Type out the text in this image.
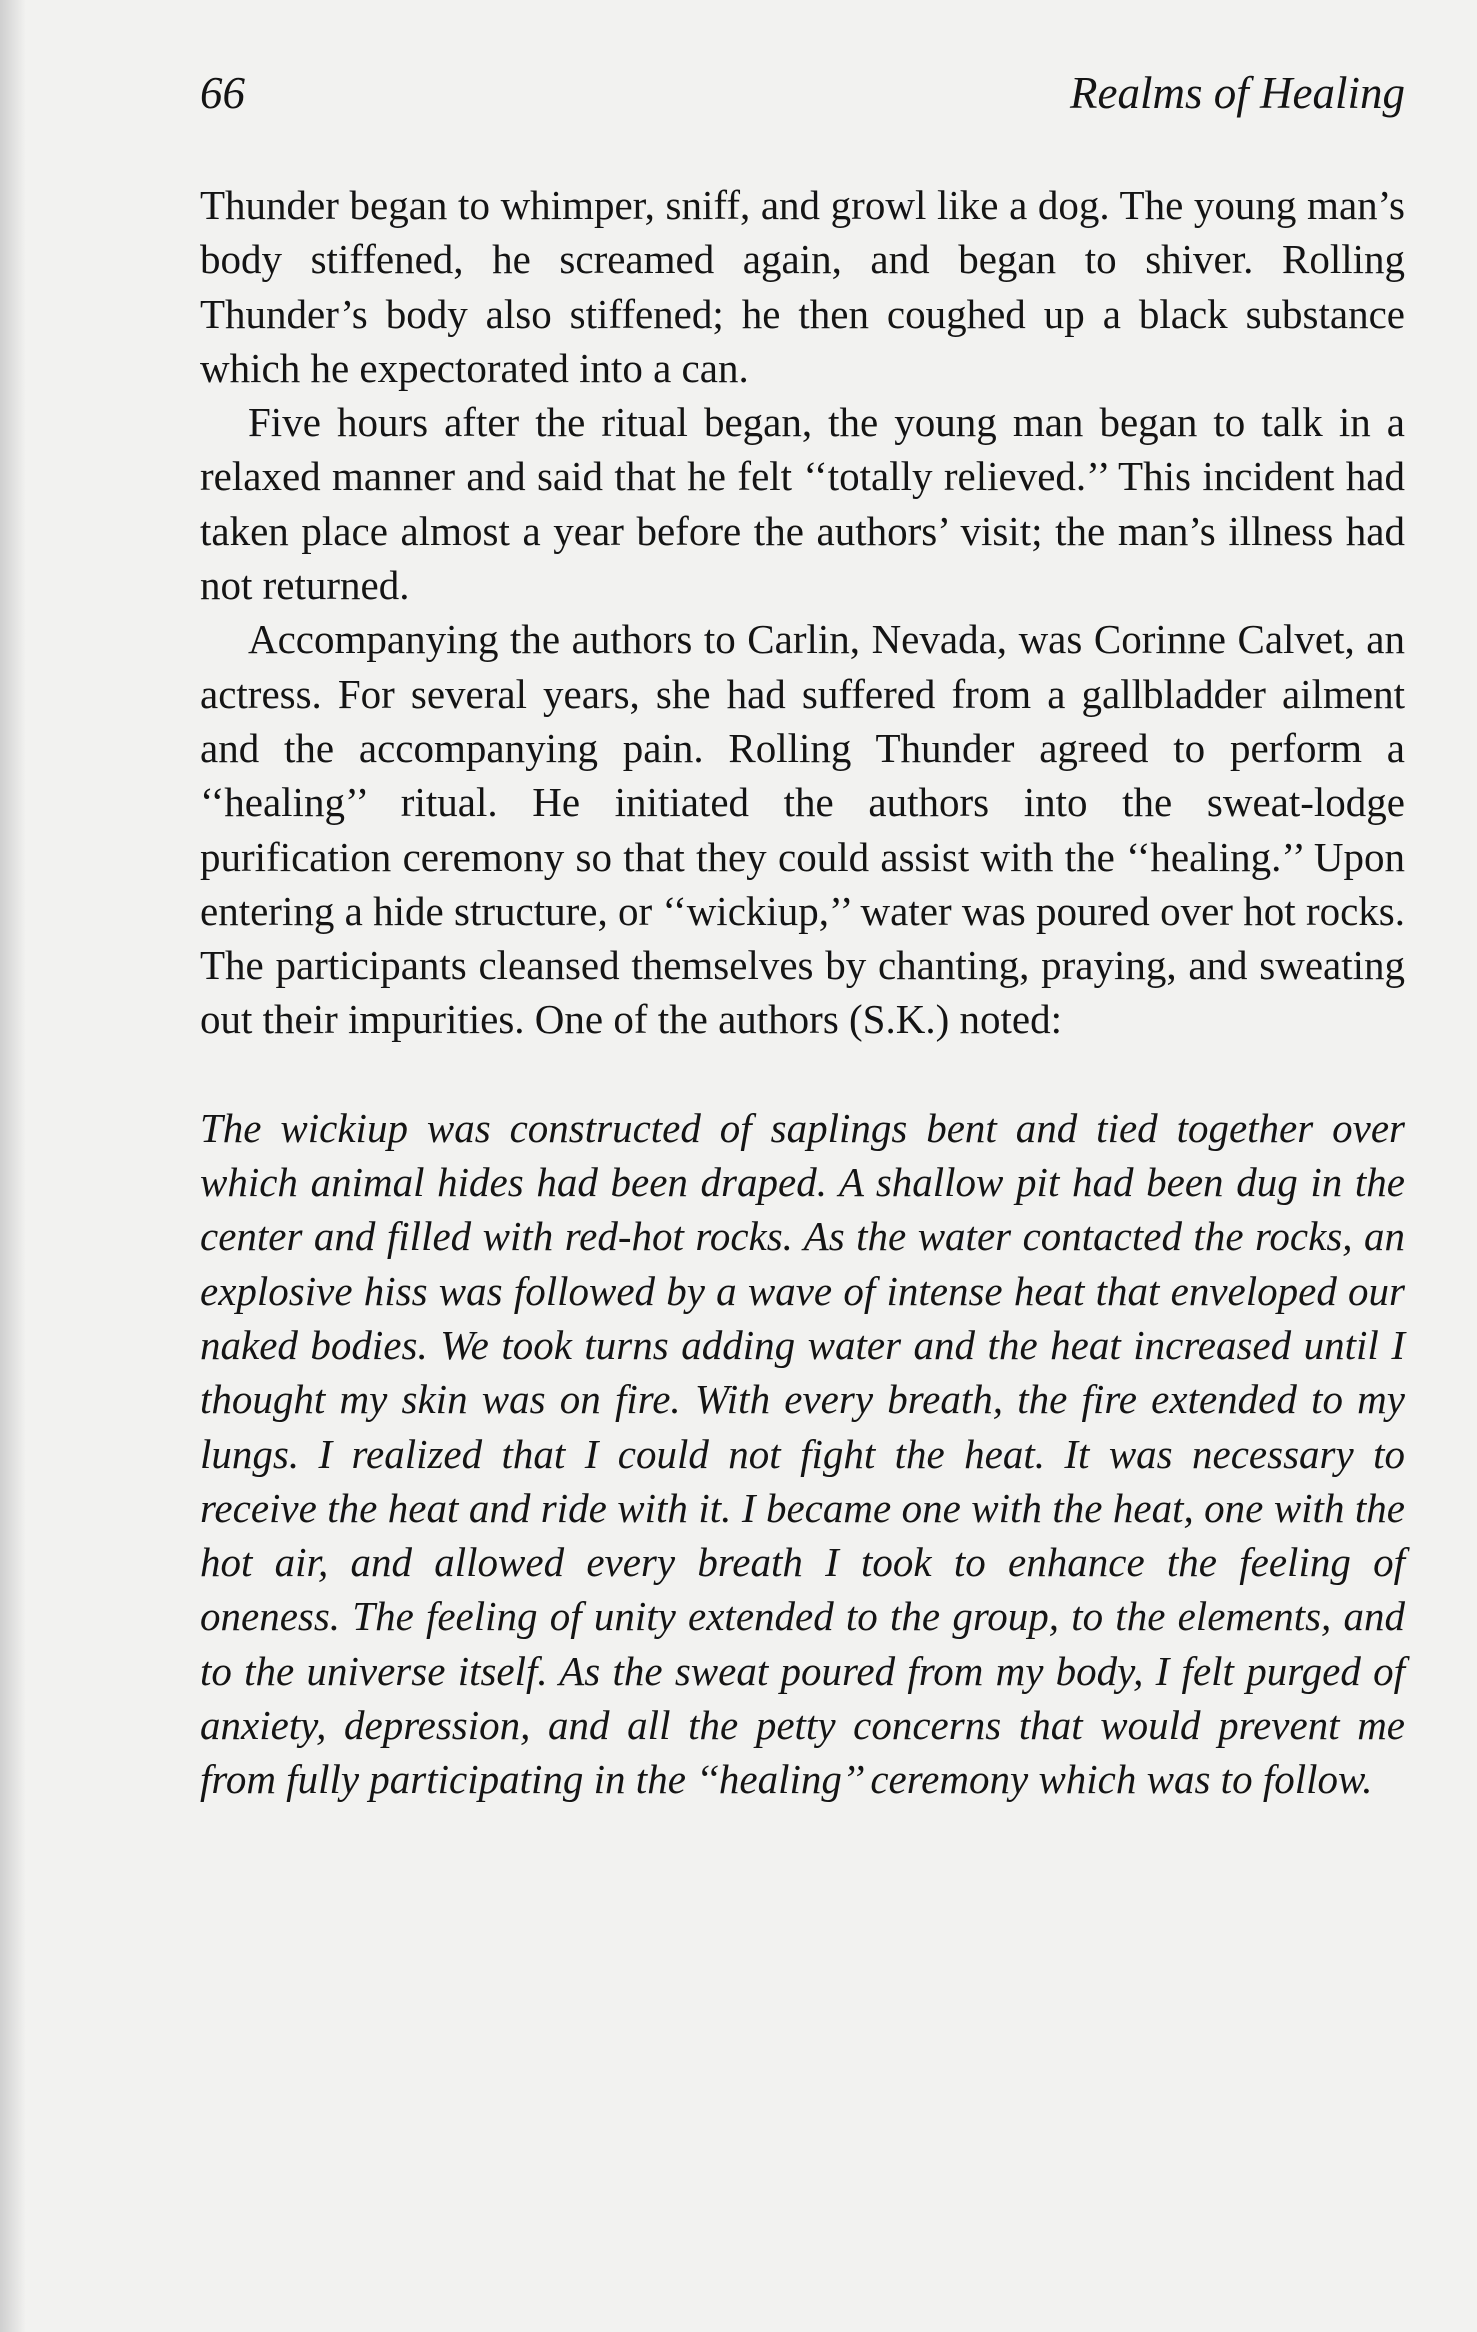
66	Realms of Healing

Thunder began to whimper, sniff, and growl like a dog. The young man’s body stiffened, he screamed again, and began to shiver. Rolling Thunder’s body also stiffened; he then coughed up a black substance which he expectorated into a can.

Five hours after the ritual began, the young man began to talk in a relaxed manner and said that he felt ‘‘totally relieved.’’ This incident had taken place almost a year before the authors’ visit; the man’s illness had not returned.

Accompanying the authors to Carlin, Nevada, was Corinne Calvet, an actress. For several years, she had suffered from a gallbladder ailment and the accompanying pain. Rolling Thunder agreed to perform a ‘‘healing’’ ritual. He initiated the authors into the sweat-lodge purification ceremony so that they could assist with the ‘‘healing.’’ Upon entering a hide structure, or ‘‘wickiup,’’ water was poured over hot rocks. The participants cleansed themselves by chanting, praying, and sweating out their impurities. One of the authors (S.K.) noted:

The wickiup was constructed of saplings bent and tied together over which animal hides had been draped. A shallow pit had been dug in the center and filled with red-hot rocks. As the water contacted the rocks, an explosive hiss was followed by a wave of intense heat that enveloped our naked bodies. We took turns adding water and the heat increased until I thought my skin was on fire. With every breath, the fire extended to my lungs. I realized that I could not fight the heat. It was necessary to receive the heat and ride with it. I became one with the heat, one with the hot air, and allowed every breath I took to enhance the feeling of oneness. The feeling of unity extended to the group, to the elements, and to the universe itself. As the sweat poured from my body, I felt purged of anxiety, depression, and all the petty concerns that would prevent me from fully participating in the ‘‘healing’’ ceremony which was to follow.
